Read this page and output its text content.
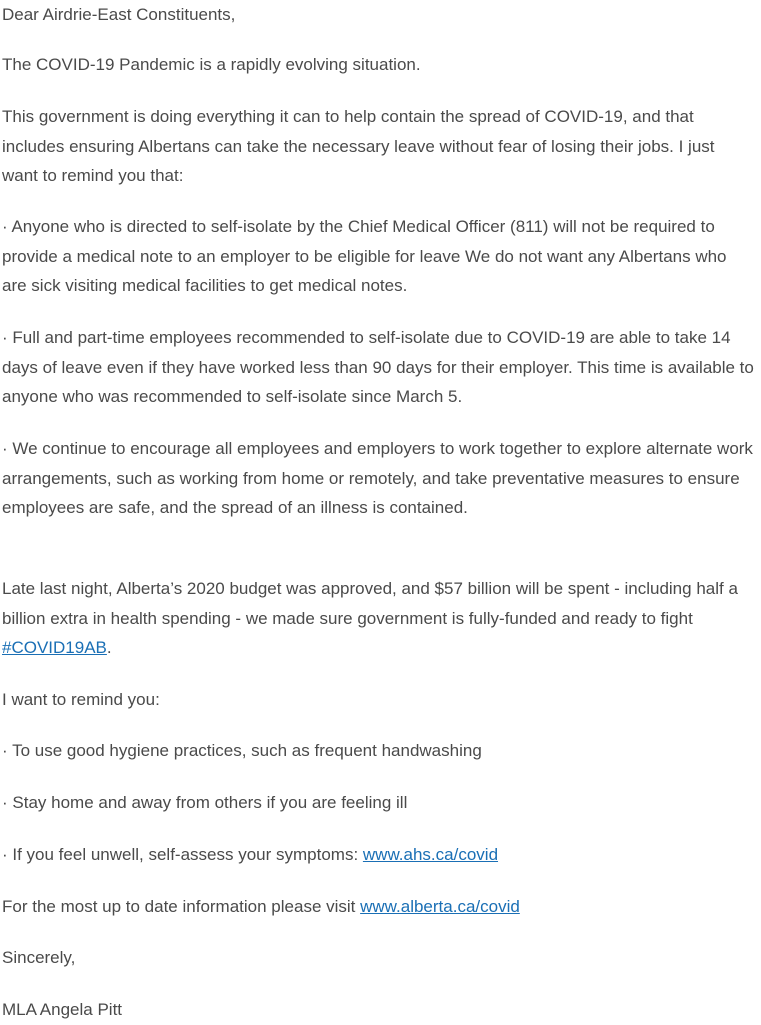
Dear Airdrie-East Constituents,

The COVID-19 Pandemic is a rapidly evolving situation.

This government is doing everything it can to help contain the spread of COVID-19, and that includes ensuring Albertans can take the necessary leave without fear of losing their jobs. I just want to remind you that:

· Anyone who is directed to self-isolate by the Chief Medical Officer (811) will not be required to provide a medical note to an employer to be eligible for leave We do not want any Albertans who are sick visiting medical facilities to get medical notes.

· Full and part-time employees recommended to self-isolate due to COVID-19 are able to take 14 days of leave even if they have worked less than 90 days for their employer. This time is available to anyone who was recommended to self-isolate since March 5.

· We continue to encourage all employees and employers to work together to explore alternate work arrangements, such as working from home or remotely, and take preventative measures to ensure employees are safe, and the spread of an illness is contained.

Late last night, Alberta’s 2020 budget was approved, and $57 billion will be spent - including half a billion extra in health spending - we made sure government is fully-funded and ready to fight #COVID19AB.

I want to remind you:

· To use good hygiene practices, such as frequent handwashing

· Stay home and away from others if you are feeling ill

· If you feel unwell, self-assess your symptoms: www.ahs.ca/covid

For the most up to date information please visit www.alberta.ca/covid

Sincerely,

MLA Angela Pitt
